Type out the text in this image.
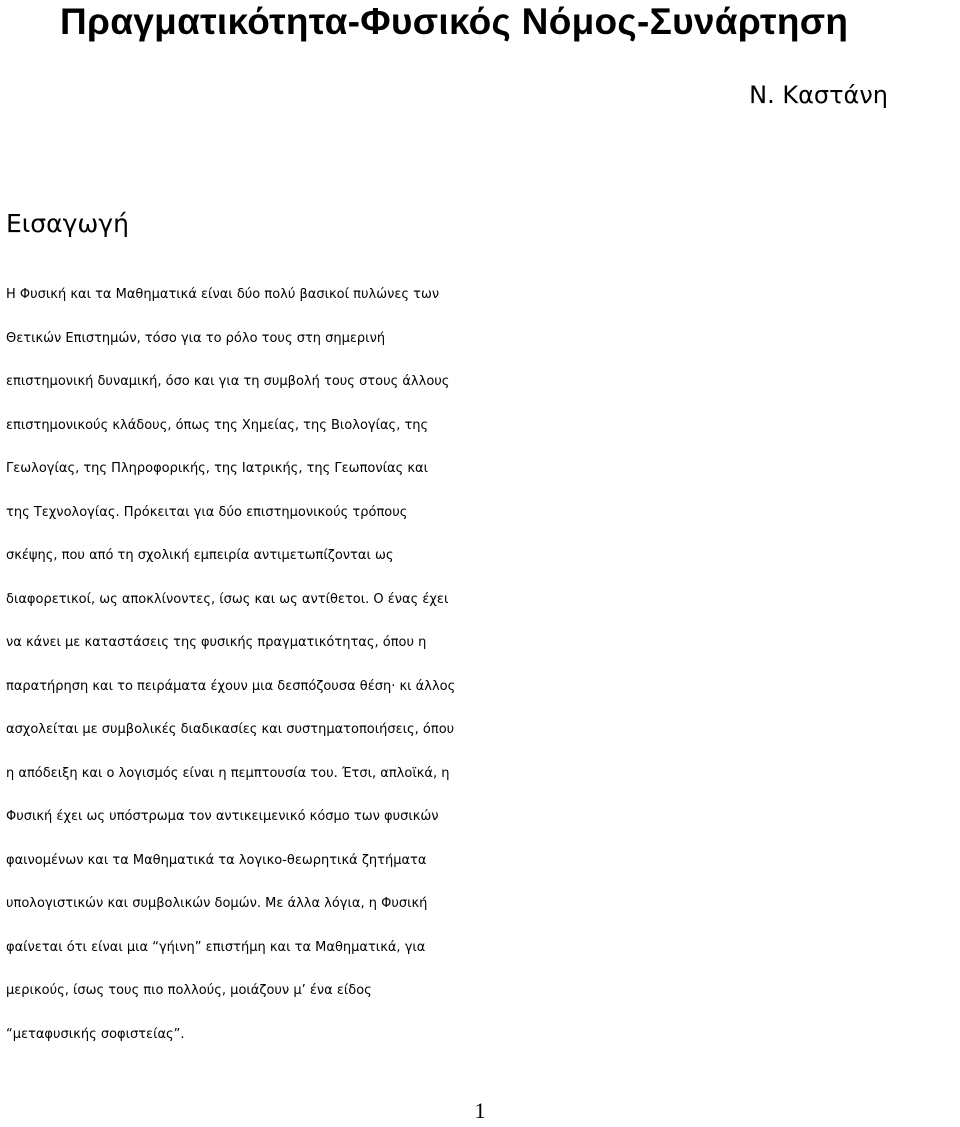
Πραγματικότητα-Φυσικός Νόμος-Συνάρτηση
Ν. Καστάνη
Εισαγωγή
Η Φυσική και τα Μαθηματικά είναι δύο πολύ βασικοί πυλώνες των
Θετικών Επιστημών, τόσο για το ρόλο τους στη σημερινή
επιστημονική δυναμική, όσο και για τη συμβολή τους στους άλλους
επιστημονικούς κλάδους, όπως της Χημείας, της Βιολογίας, της
Γεωλογίας, της Πληροφορικής, της Ιατρικής, της Γεωπονίας και
της Τεχνολογίας. Πρόκειται για δύο επιστημονικούς τρόπους
σκέψης, που από τη σχολική εμπειρία αντιμετωπίζονται ως
διαφορετικοί, ως αποκλίνοντες, ίσως και ως αντίθετοι. Ο ένας έχει
να κάνει με καταστάσεις της φυσικής πραγματικότητας, όπου η
παρατήρηση και το πειράματα έχουν μια δεσπόζουσα θέση· κι άλλος
ασχολείται με συμβολικές διαδικασίες και συστηματοποιήσεις, όπου
η απόδειξη και ο λογισμός είναι η πεμπτουσία του. Έτσι, απλοϊκά, η
Φυσική έχει ως υπόστρωμα τον αντικειμενικό κόσμο των φυσικών
φαινομένων και τα Μαθηματικά τα λογικο-θεωρητικά ζητήματα
υπολογιστικών και συμβολικών δομών. Με άλλα λόγια, η Φυσική
φαίνεται ότι είναι μια “γήινη” επιστήμη και τα Μαθηματικά, για
μερικούς, ίσως τους πιο πολλούς, μοιάζουν μ’ ένα είδος
“μεταφυσικής σοφιστείας”.
1
